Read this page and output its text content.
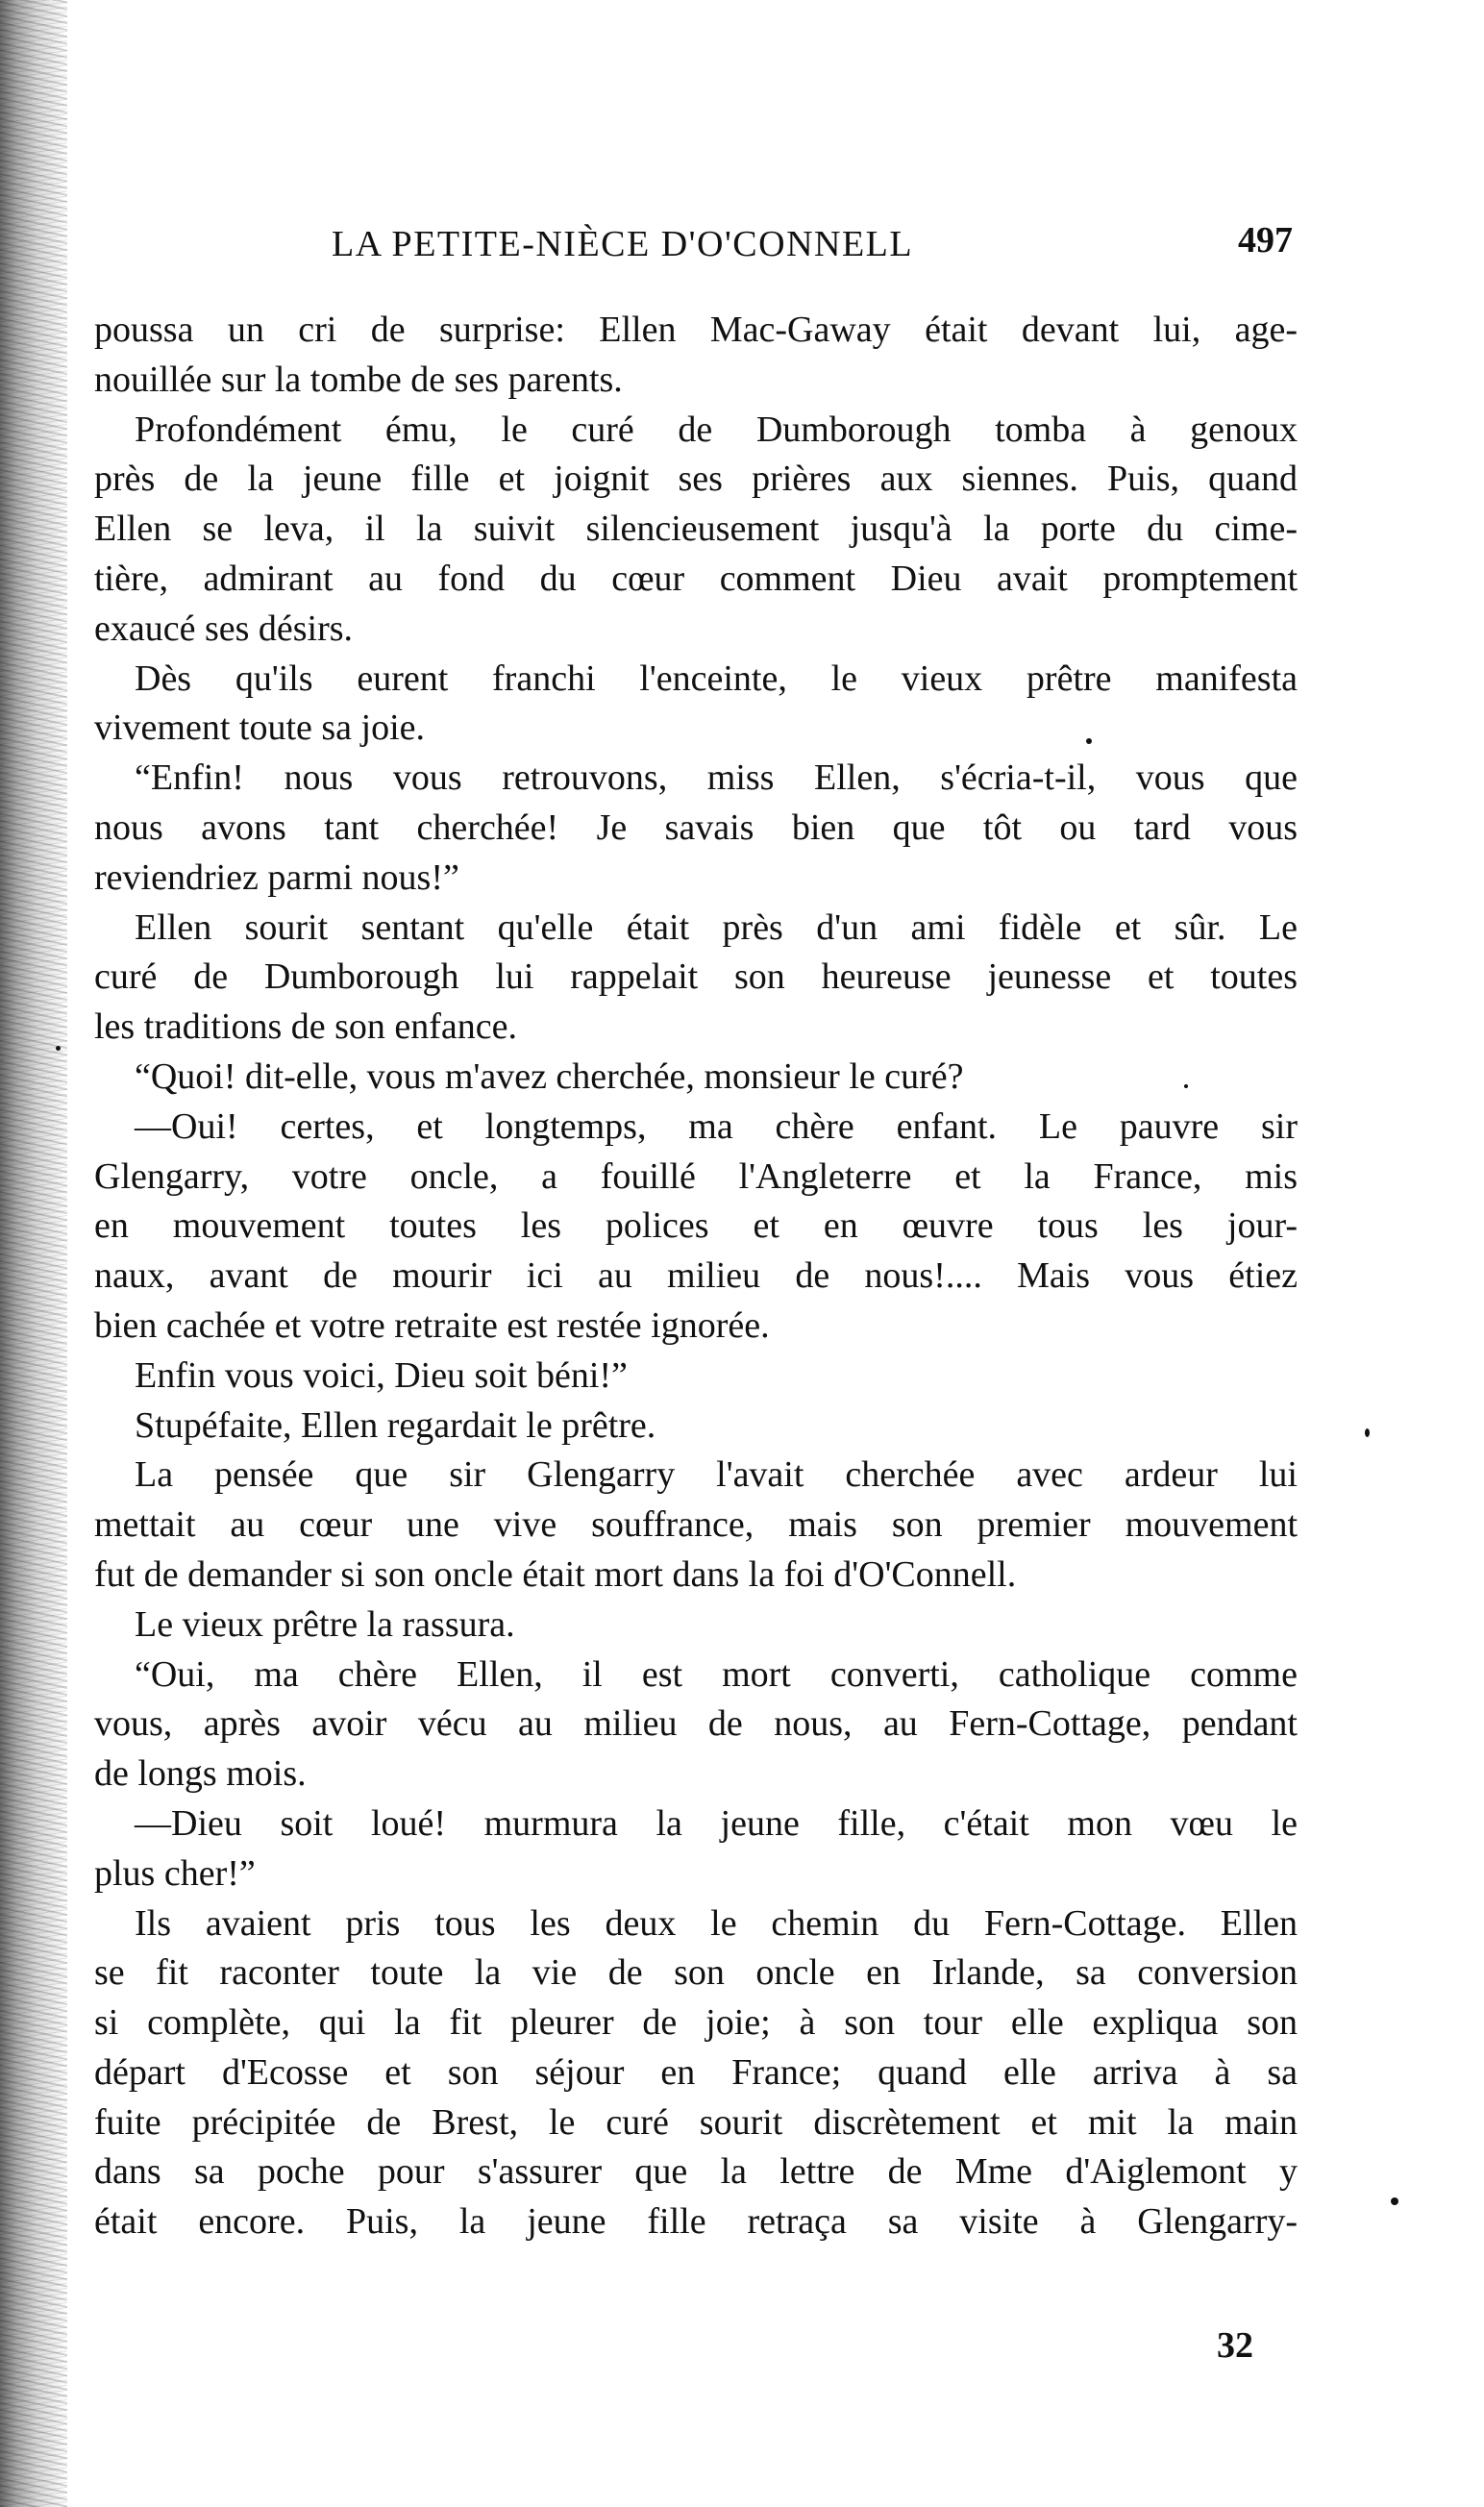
LA PETITE-NIÈCE D'O'CONNELL	497
poussa un cri de surprise: Ellen Mac-Gaway était devant lui, age-
nouillée sur la tombe de ses parents.
Profondément ému, le curé de Dumborough tomba à genoux
près de la jeune fille et joignit ses prières aux siennes. Puis, quand
Ellen se leva, il la suivit silencieusement jusqu'à la porte du cime-
tière, admirant au fond du cœur comment Dieu avait promptement
exaucé ses désirs.
Dès qu'ils eurent franchi l'enceinte, le vieux prêtre manifesta
vivement toute sa joie.
“Enfin! nous vous retrouvons, miss Ellen, s'écria-t-il, vous que
nous avons tant cherchée! Je savais bien que tôt ou tard vous
reviendriez parmi nous!”
Ellen sourit sentant qu'elle était près d'un ami fidèle et sûr. Le
curé de Dumborough lui rappelait son heureuse jeunesse et toutes
les traditions de son enfance.
“Quoi! dit-elle, vous m'avez cherchée, monsieur le curé?
—Oui! certes, et longtemps, ma chère enfant. Le pauvre sir
Glengarry, votre oncle, a fouillé l'Angleterre et la France, mis
en mouvement toutes les polices et en œuvre tous les jour-
naux, avant de mourir ici au milieu de nous!.... Mais vous étiez
bien cachée et votre retraite est restée ignorée.
Enfin vous voici, Dieu soit béni!”
Stupéfaite, Ellen regardait le prêtre.
La pensée que sir Glengarry l'avait cherchée avec ardeur lui
mettait au cœur une vive souffrance, mais son premier mouvement
fut de demander si son oncle était mort dans la foi d'O'Connell.
Le vieux prêtre la rassura.
“Oui, ma chère Ellen, il est mort converti, catholique comme
vous, après avoir vécu au milieu de nous, au Fern-Cottage, pendant
de longs mois.
—Dieu soit loué! murmura la jeune fille, c'était mon vœu le
plus cher!”
Ils avaient pris tous les deux le chemin du Fern-Cottage. Ellen
se fit raconter toute la vie de son oncle en Irlande, sa conversion
si complète, qui la fit pleurer de joie; à son tour elle expliqua son
départ d'Ecosse et son séjour en France; quand elle arriva à sa
fuite précipitée de Brest, le curé sourit discrètement et mit la main
dans sa poche pour s'assurer que la lettre de Mme d'Aiglemont y
était encore. Puis, la jeune fille retraça sa visite à Glengarry-
32
